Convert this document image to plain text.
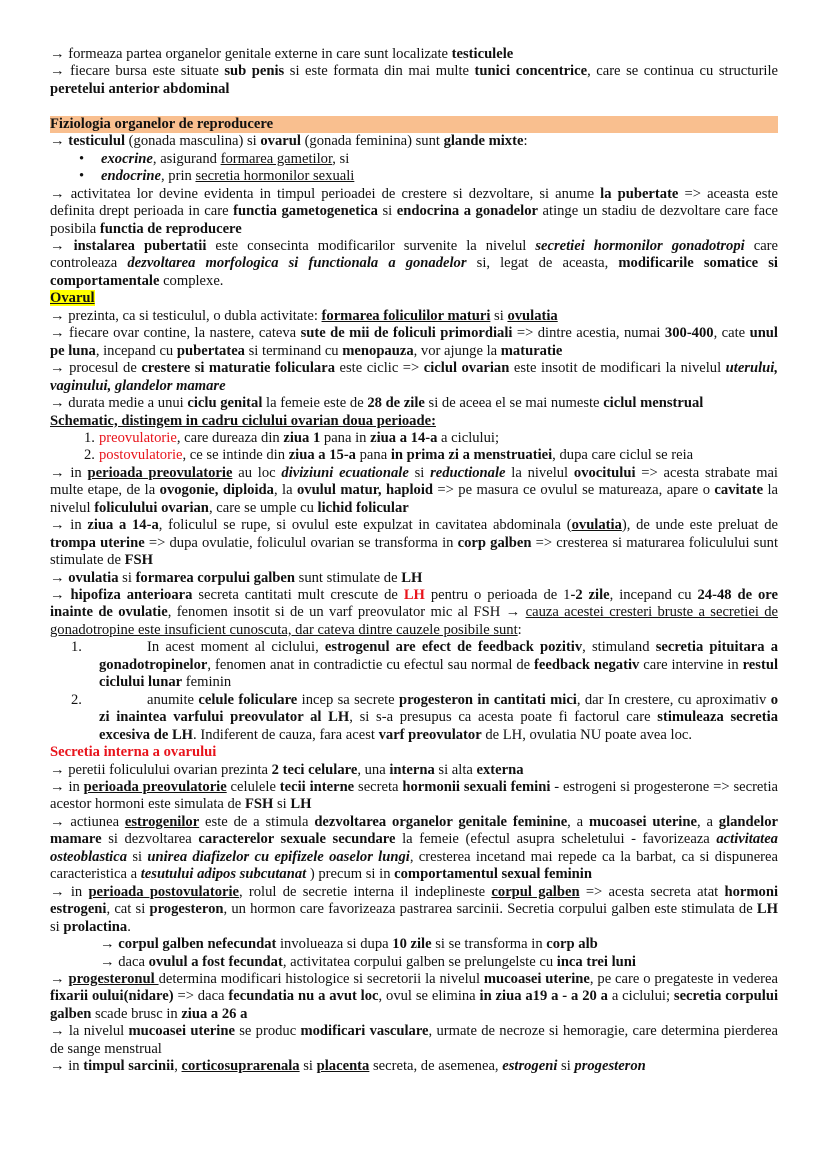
→ formeaza partea organelor genitale externe in care sunt localizate testiculele
→ fiecare bursa este situate sub penis si este formata din mai multe tunici concentrice, care se continua cu structurile peretelui anterior abdominal
Fiziologia organelor de reproducere
→ testiculul (gonada masculina) si ovarul (gonada feminina) sunt glande mixte:
• exocrine, asigurand formarea gametilor, si
• endocrine, prin secretia hormonilor sexuali
→ activitatea lor devine evidenta in timpul perioadei de crestere si dezvoltare, si anume la pubertate => aceasta este definita drept perioada in care functia gametogenetica si endocrina a gonadelor atinge un stadiu de dezvoltare care face posibila functia de reproducere
→ instalarea pubertatii este consecinta modificarilor survenite la nivelul secretiei hormonilor gonadotropi care controleaza dezvoltarea morfologica si functionala a gonadelor si, legat de aceasta, modificarile somatice si comportamentale complexe.
Ovarul
→ prezinta, ca si testiculul, o dubla activitate: formarea foliculilor maturi si ovulatia
→ fiecare ovar contine, la nastere, cateva sute de mii de foliculi primordiali => dintre acestia, numai 300-400, cate unul pe luna, incepand cu pubertatea si terminand cu menopauza, vor ajunge la maturatie
→ procesul de crestere si maturatie foliculara este ciclic => ciclul ovarian este insotit de modificari la nivelul uterului, vaginului, glandelor mamare
→ durata medie a unui ciclu genital la femeie este de 28 de zile si de aceea el se mai numeste ciclul menstrual
Schematic, distingem in cadru ciclului ovarian doua perioade:
1. preovulatorie, care dureaza din ziua 1 pana in ziua a 14-a a ciclului;
2. postovulatorie, ce se intinde din ziua a 15-a pana in prima zi a menstruatiei, dupa care ciclul se reia
→ in perioada preovulatorie au loc diviziuni ecuationale si reductionale la nivelul ovocitului => acesta strabate mai multe etape, de la ovogonie, diploida, la ovulul matur, haploid => pe masura ce ovulul se matureaza, apare o cavitate la nivelul foliculului ovarian, care se umple cu lichid folicular
→ in ziua a 14-a, foliculul se rupe, si ovulul este expulzat in cavitatea abdominala (ovulatia), de unde este preluat de trompa uterine => dupa ovulatie, foliculul ovarian se transforma in corp galben => cresterea si maturarea foliculului sunt stimulate de FSH
→ ovulatia si formarea corpului galben sunt stimulate de LH
→ hipofiza anterioara secreta cantitati mult crescute de LH pentru o perioada de 1-2 zile, incepand cu 24-48 de ore inainte de ovulatie, fenomen insotit si de un varf preovulator mic al FSH → cauza acestei cresteri bruste a secretiei de gonadotropine este insuficient cunoscuta, dar cateva dintre cauzele posibile sunt:
1.	In acest moment al ciclului, estrogenul are efect de feedback pozitiv, stimuland secretia pituitara a gonadotropinelor, fenomen anat in contradictie cu efectul sau normal de feedback negativ care intervine in restul ciclului lunar feminin
2.	anumite celule foliculare incep sa secrete progesteron in cantitati mici, dar In crestere, cu aproximativ o zi inaintea varfului preovulator al LH, si s-a presupus ca acesta poate fi factorul care stimuleaza secretia excesiva de LH. Indiferent de cauza, fara acest varf preovulator de LH, ovulatia NU poate avea loc.
Secretia interna a ovarului
→ peretii foliculului ovarian prezinta 2 teci celulare, una interna si alta externa
→ in perioada preovulatorie celulele tecii interne secreta hormonii sexuali femini - estrogeni si progesterone => secretia acestor hormoni este simulata de FSH si LH
→ actiunea estrogenilor este de a stimula dezvoltarea organelor genitale feminine, a mucoasei uterine, a glandelor mamare si dezvoltarea caracterelor sexuale secundare la femeie (efectul asupra scheletului - favorizeaza activitatea osteoblastica si unirea diafizelor cu epifizele oaselor lungi, cresterea incetand mai repede ca la barbat, ca si dispunerea caracteristica a tesutului adipos subcutanat ) precum si in comportamentul sexual feminin
→ in perioada postovulatorie, rolul de secretie interna il indeplineste corpul galben => acesta secreta atat hormoni estrogeni, cat si progesteron, un hormon care favorizeaza pastrarea sarcinii. Secretia corpului galben este stimulata de LH si prolactina.
→ corpul galben nefecundat involueaza si dupa 10 zile si se transforma in corp alb
→ daca ovulul a fost fecundat, activitatea corpului galben se prelungelste cu inca trei luni
→ progesteronul determina modificari histologice si secretorii la nivelul mucoasei uterine, pe care o pregateste in vederea fixarii oului(nidare) => daca fecundatia nu a avut loc, ovul se elimina in ziua a19 a - a 20 a a ciclului; secretia corpului galben scade brusc in ziua a 26 a
→ la nivelul mucoasei uterine se produc modificari vasculare, urmate de necroze si hemoragie, care determina pierderea de sange menstrual
→ in timpul sarcinii, corticosuprarenala si placenta secreta, de asemenea, estrogeni si progesteron
